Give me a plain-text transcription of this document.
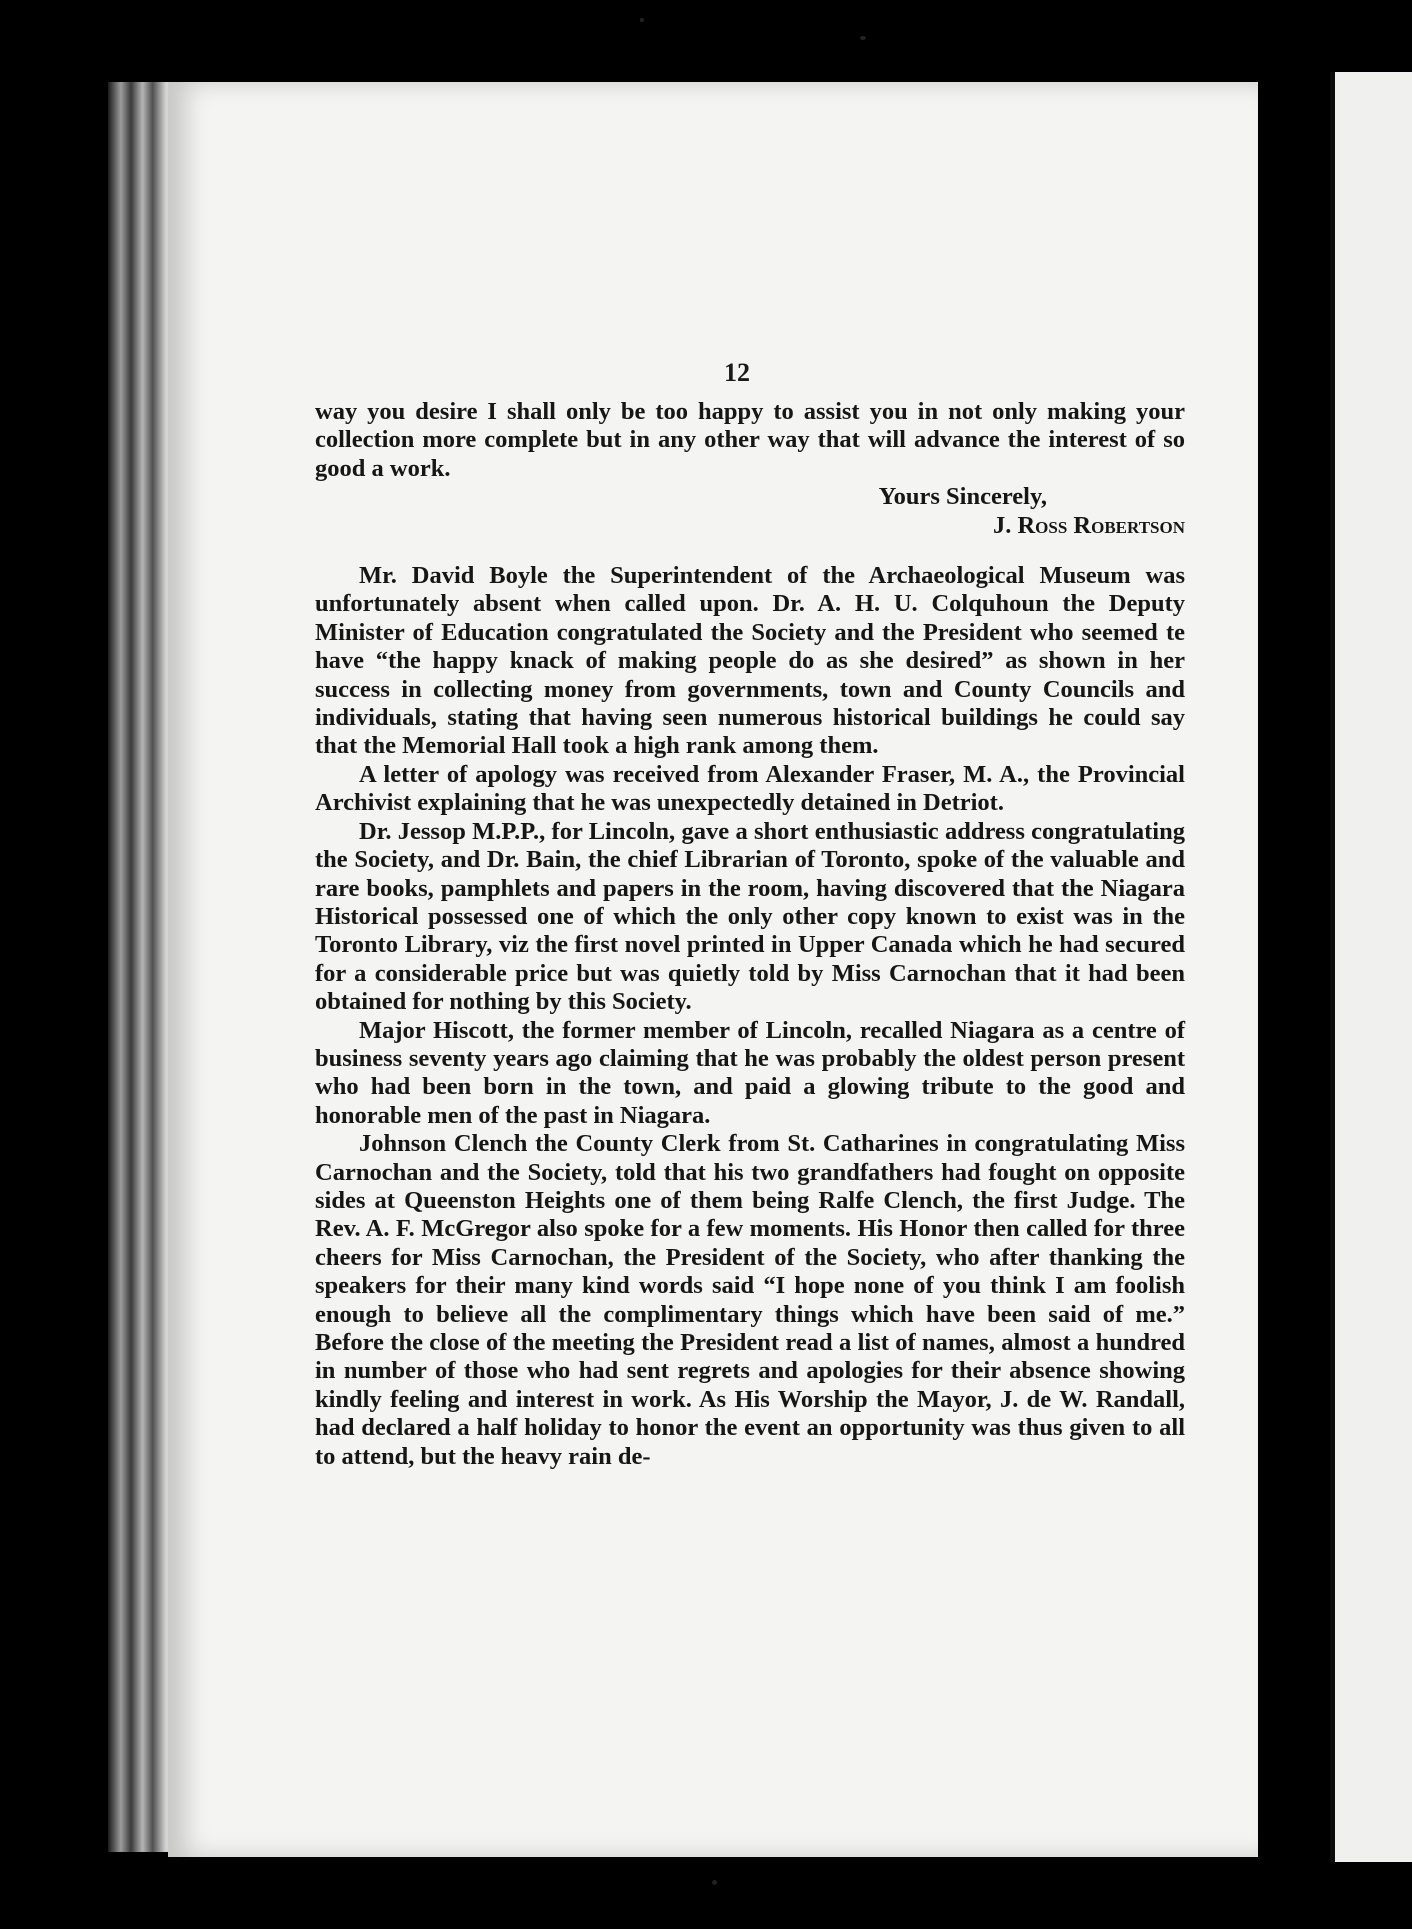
12

way you desire I shall only be too happy to assist you in not only making your collection more complete but in any other way that will advance the interest of so good a work.

Yours Sincerely,
J. Ross Robertson

Mr. David Boyle the Superintendent of the Archaeological Museum was unfortunately absent when called upon. Dr. A. H. U. Colquhoun the Deputy Minister of Education congratulated the Society and the President who seemed te have “the happy knack of making people do as she desired” as shown in her success in collecting money from governments, town and County Councils and individuals, stating that having seen numerous historical buildings he could say that the Memorial Hall took a high rank among them.

A letter of apology was received from Alexander Fraser, M. A., the Provincial Archivist explaining that he was unexpectedly detained in Detriot.

Dr. Jessop M.P.P., for Lincoln, gave a short enthusiastic address congratulating the Society, and Dr. Bain, the chief Librarian of Toronto, spoke of the valuable and rare books, pamphlets and papers in the room, having discovered that the Niagara Historical possessed one of which the only other copy known to exist was in the Toronto Library, viz the first novel printed in Upper Canada which he had secured for a considerable price but was quietly told by Miss Carnochan that it had been obtained for nothing by this Society.

Major Hiscott, the former member of Lincoln, recalled Niagara as a centre of business seventy years ago claiming that he was probably the oldest person present who had been born in the town, and paid a glowing tribute to the good and honorable men of the past in Niagara.

Johnson Clench the County Clerk from St. Catharines in congratulating Miss Carnochan and the Society, told that his two grandfathers had fought on opposite sides at Queenston Heights one of them being Ralfe Clench, the first Judge. The Rev. A. F. McGregor also spoke for a few moments. His Honor then called for three cheers for Miss Carnochan, the President of the Society, who after thanking the speakers for their many kind words said “I hope none of you think I am foolish enough to believe all the complimentary things which have been said of me.” Before the close of the meeting the President read a list of names, almost a hundred in number of those who had sent regrets and apologies for their absence showing kindly feeling and interest in work. As His Worship the Mayor, J. de W. Randall, had declared a half holiday to honor the event an opportunity was thus given to all to attend, but the heavy rain de-
